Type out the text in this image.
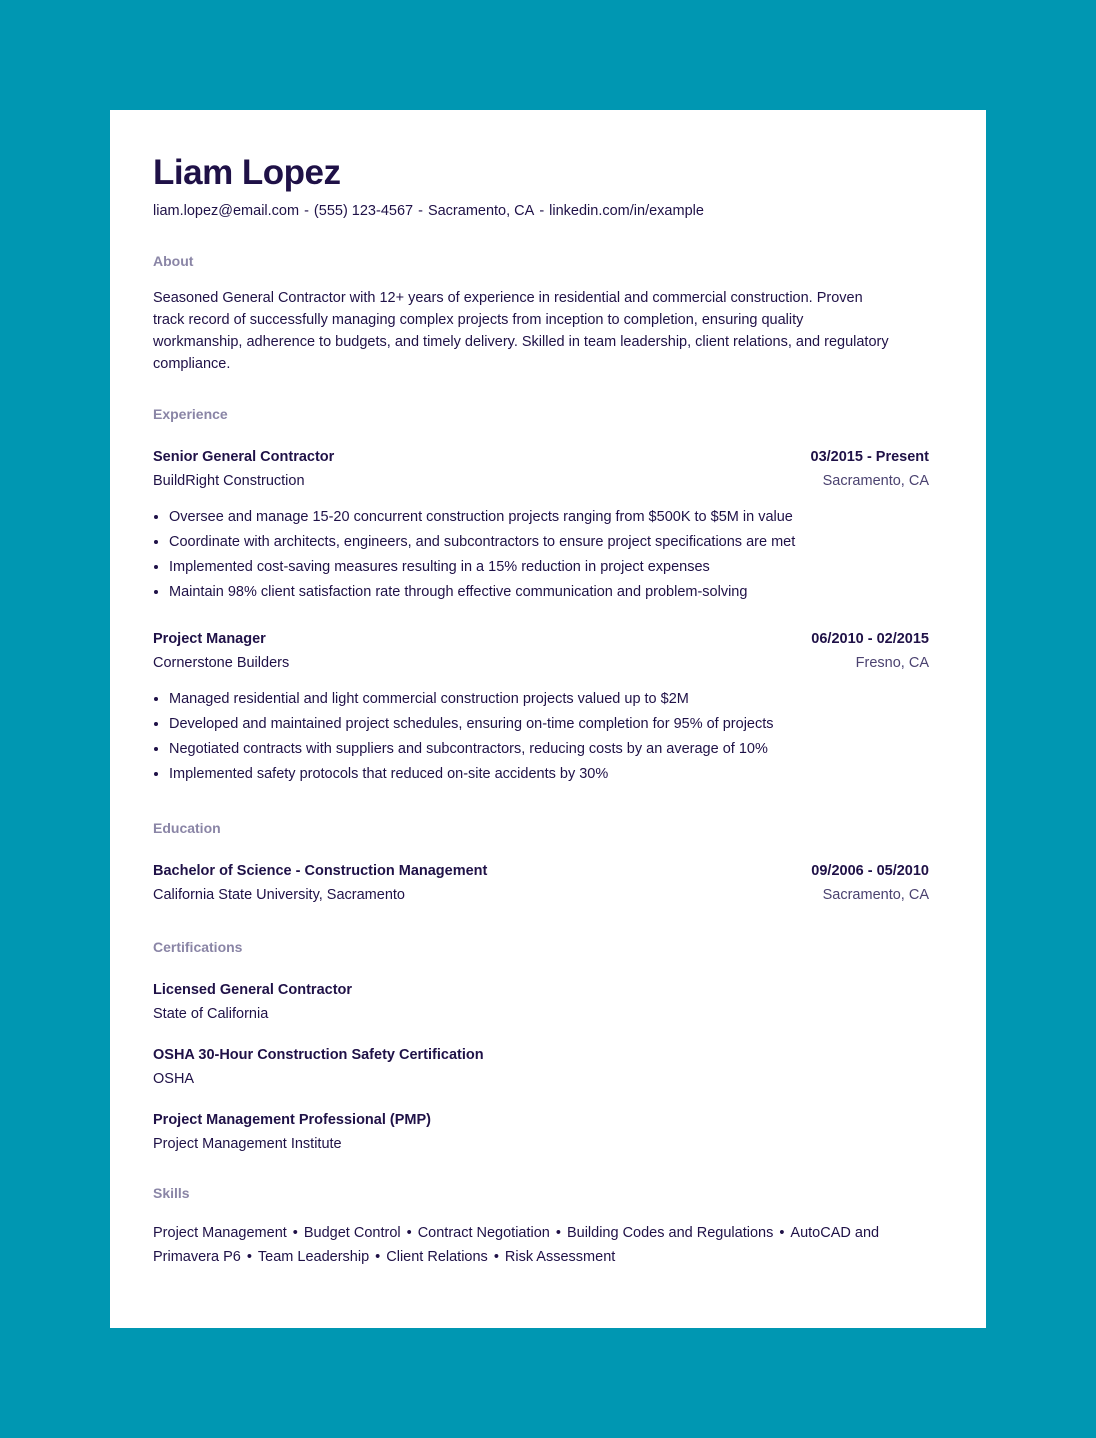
Liam Lopez
liam.lopez@email.com - (555) 123-4567 - Sacramento, CA - linkedin.com/in/example
About
Seasoned General Contractor with 12+ years of experience in residential and commercial construction. Proven track record of successfully managing complex projects from inception to completion, ensuring quality workmanship, adherence to budgets, and timely delivery. Skilled in team leadership, client relations, and regulatory compliance.
Experience
Senior General Contractor	03/2015 - Present
BuildRight Construction	Sacramento, CA
• Oversee and manage 15-20 concurrent construction projects ranging from $500K to $5M in value
• Coordinate with architects, engineers, and subcontractors to ensure project specifications are met
• Implemented cost-saving measures resulting in a 15% reduction in project expenses
• Maintain 98% client satisfaction rate through effective communication and problem-solving
Project Manager	06/2010 - 02/2015
Cornerstone Builders	Fresno, CA
• Managed residential and light commercial construction projects valued up to $2M
• Developed and maintained project schedules, ensuring on-time completion for 95% of projects
• Negotiated contracts with suppliers and subcontractors, reducing costs by an average of 10%
• Implemented safety protocols that reduced on-site accidents by 30%
Education
Bachelor of Science - Construction Management	09/2006 - 05/2010
California State University, Sacramento	Sacramento, CA
Certifications
Licensed General Contractor
State of California
OSHA 30-Hour Construction Safety Certification
OSHA
Project Management Professional (PMP)
Project Management Institute
Skills
Project Management • Budget Control • Contract Negotiation • Building Codes and Regulations • AutoCAD and Primavera P6 • Team Leadership • Client Relations • Risk Assessment
